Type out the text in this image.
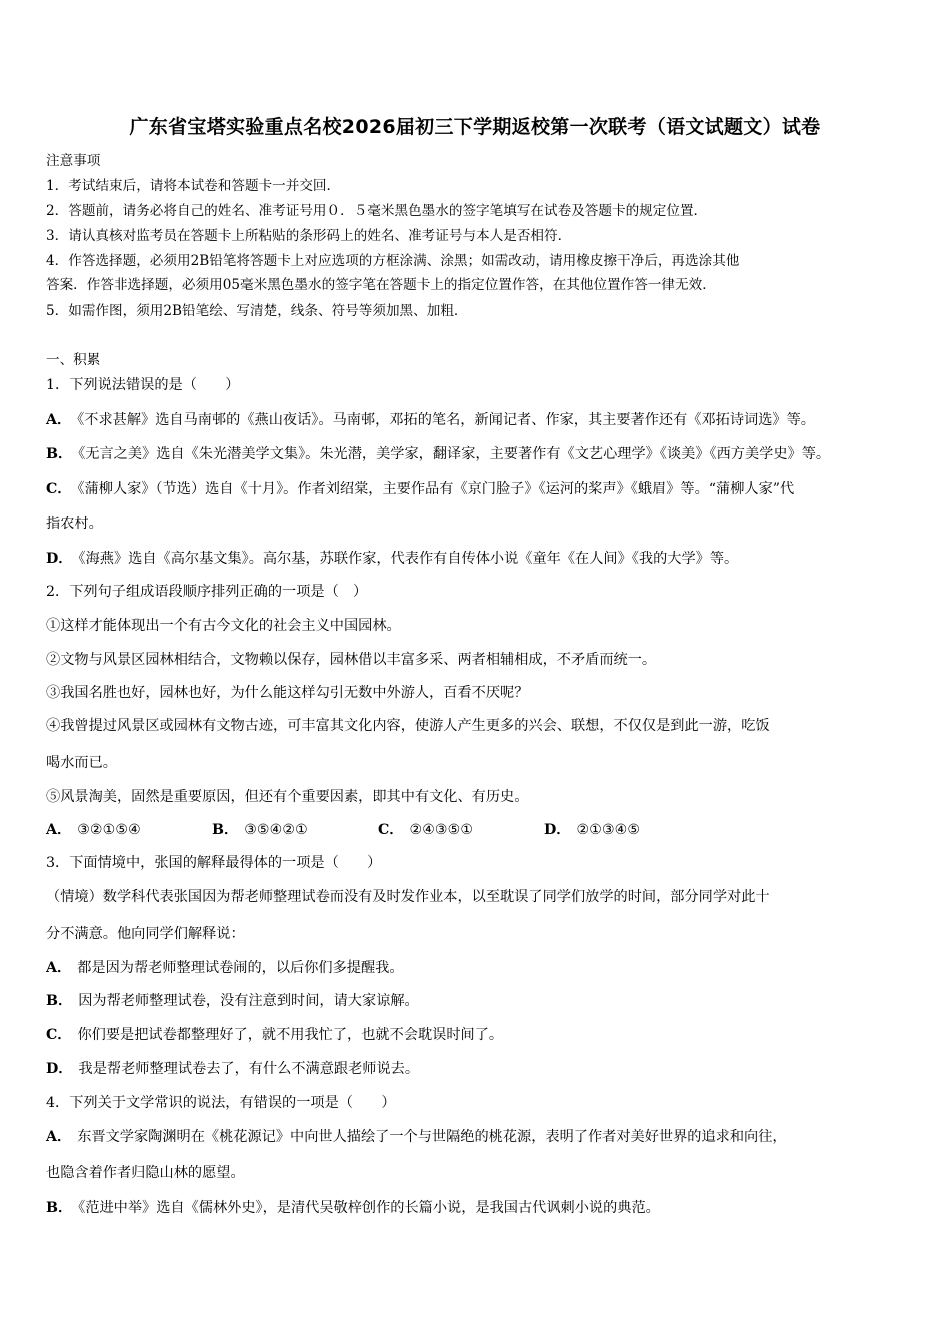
广东省宝塔实验重点名校2026届初三下学期返校第一次联考（语文试题文）试卷
注意事项
1．考试结束后，请将本试卷和答题卡一并交回．
2．答题前，请务必将自己的姓名、准考证号用０．５毫米黑色墨水的签字笔填写在试卷及答题卡的规定位置．
3．请认真核对监考员在答题卡上所粘贴的条形码上的姓名、准考证号与本人是否相符．
4．作答选择题，必须用2B铅笔将答题卡上对应选项的方框涂满、涂黑；如需改动，请用橡皮擦干净后，再选涂其他
答案．作答非选择题，必须用05毫米黑色墨水的签字笔在答题卡上的指定位置作答，在其他位置作答一律无效．
5．如需作图，须用2B铅笔绘、写清楚，线条、符号等须加黑、加粗．
一、积累
1．下列说法错误的是（　　）
A． 《不求甚解》选自马南邨的《燕山夜话》。马南邨，邓拓的笔名，新闻记者、作家，其主要著作还有《邓拓诗词选》等。
B． 《无言之美》选自《朱光潜美学文集》。朱光潜，美学家，翻译家，主要著作有《文艺心理学》《谈美》《西方美学史》等。
C． 《蒲柳人家》（节选）选自《十月》。作者刘绍棠，主要作品有《京门脸子》《运河的桨声》《蛾眉》等。“蒲柳人家”代
指农村。
D． 《海燕》选自《高尔基文集》。高尔基，苏联作家，代表作有自传体小说《童年《在人间》《我的大学》等。
2．下列句子组成语段顺序排列正确的一项是（　）
①这样才能体现出一个有古今文化的社会主义中国园林。
②文物与风景区园林相结合，文物赖以保存，园林借以丰富多采、两者相辅相成，不矛盾而统一。
③我国名胜也好，园林也好，为什么能这样勾引无数中外游人，百看不厌呢？
④我曾提过风景区或园林有文物古迹，可丰富其文化内容，使游人产生更多的兴会、联想，不仅仅是到此一游，吃饭
喝水而已。
⑤风景淘美，固然是重要原因，但还有个重要因素，即其中有文化、有历史。
A． ③②①⑤④	B． ③⑤④②①	C． ②④③⑤①	D． ②①③④⑤
3．下面情境中，张国的解释最得体的一项是（　　）
（情境）数学科代表张国因为帮老师整理试卷而没有及时发作业本，以至耽误了同学们放学的时间，部分同学对此十
分不满意。他向同学们解释说：
A． 都是因为帮老师整理试卷闹的，以后你们多提醒我。
B． 因为帮老师整理试卷，没有注意到时间，请大家谅解。
C． 你们要是把试卷都整理好了，就不用我忙了，也就不会耽误时间了。
D． 我是帮老师整理试卷去了，有什么不满意跟老师说去。
4．下列关于文学常识的说法，有错误的一项是（　　）
A． 东晋文学家陶渊明在《桃花源记》中向世人描绘了一个与世隔绝的桃花源，表明了作者对美好世界的追求和向往，
也隐含着作者归隐山林的愿望。
B． 《范进中举》选自《儒林外史》，是清代吴敬梓创作的长篇小说，是我国古代讽刺小说的典范。
